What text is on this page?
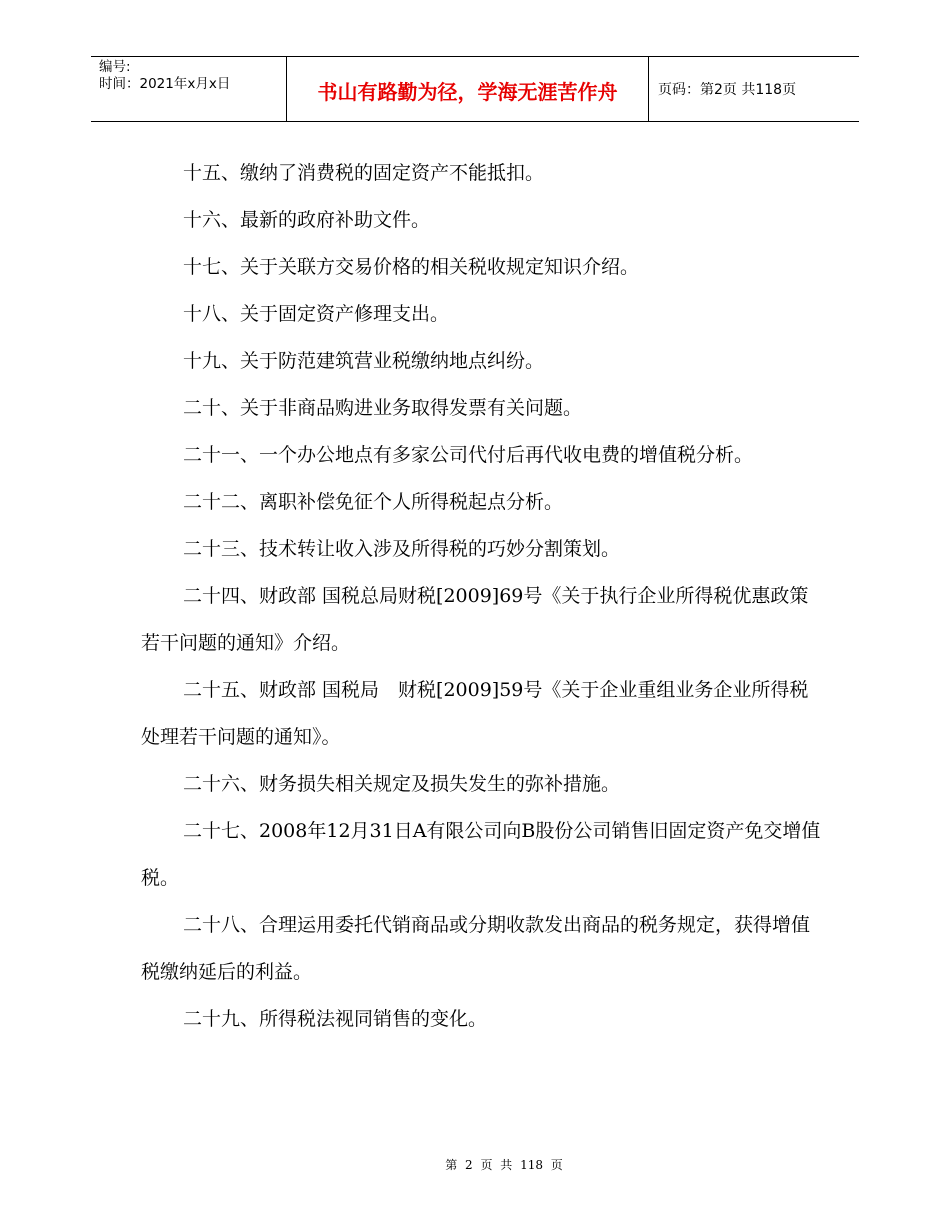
编号:
时间：2021年x月x日	书山有路勤为径，学海无涯苦作舟	页码：第2页 共118页

十五、缴纳了消费税的固定资产不能抵扣。

十六、最新的政府补助文件。

十七、关于关联方交易价格的相关税收规定知识介绍。

十八、关于固定资产修理支出。

十九、关于防范建筑营业税缴纳地点纠纷。

二十、关于非商品购进业务取得发票有关问题。

二十一、一个办公地点有多家公司代付后再代收电费的增值税分析。

二十二、离职补偿免征个人所得税起点分析。

二十三、技术转让收入涉及所得税的巧妙分割策划。

二十四、财政部 国税总局财税[2009]69号《关于执行企业所得税优惠政策若干问题的通知》介绍。

二十五、财政部 国税局　财税[2009]59号《关于企业重组业务企业所得税处理若干问题的通知》。

二十六、财务损失相关规定及损失发生的弥补措施。

二十七、2008年12月31日A有限公司向B股份公司销售旧固定资产免交增值税。

二十八、合理运用委托代销商品或分期收款发出商品的税务规定，获得增值税缴纳延后的利益。

二十九、所得税法视同销售的变化。

第 2 页 共 118 页
